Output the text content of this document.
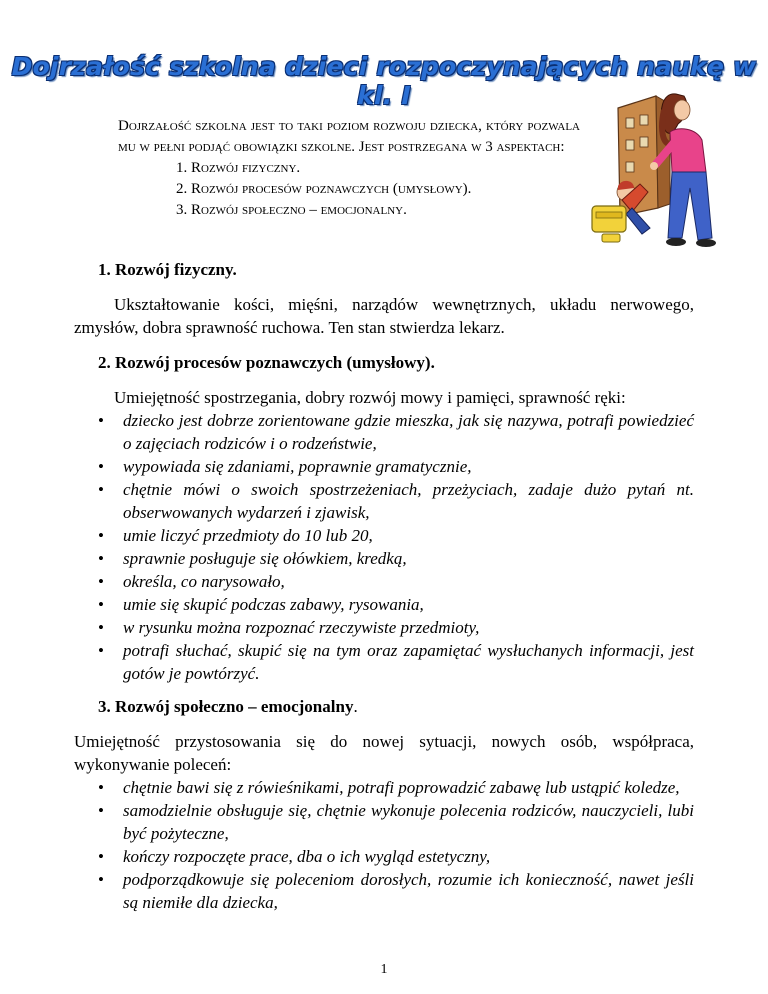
Dojrzałość szkolna dzieci rozpoczynających naukę w kl. I

Dojrzałość szkolna jest to taki poziom rozwoju dziecka, który pozwala mu w pełni podjąć obowiązki szkolne. Jest postrzegana w 3 aspektach:

1. Rozwój fizyczny.
2. Rozwój procesów poznawczych (umysłowy).
3. Rozwój społeczno – emocjonalny.
1. Rozwój fizyczny.
Ukształtowanie kości, mięśni, narządów wewnętrznych, układu nerwowego, zmysłów, dobra sprawność ruchowa. Ten stan stwierdza lekarz.
2. Rozwój procesów poznawczych (umysłowy).
Umiejętność spostrzegania, dobry rozwój mowy i pamięci, sprawność ręki:
• dziecko jest dobrze zorientowane gdzie mieszka, jak się nazywa, potrafi powiedzieć o zajęciach rodziców i o rodzeństwie,
• wypowiada się zdaniami, poprawnie gramatycznie,
• chętnie mówi o swoich spostrzeżeniach, przeżyciach, zadaje dużo pytań nt. obserwowanych wydarzeń i zjawisk,
• umie liczyć przedmioty do 10 lub 20,
• sprawnie posługuje się ołówkiem, kredką,
• określa, co narysowało,
• umie się skupić podczas zabawy, rysowania,
• w rysunku można rozpoznać rzeczywiste przedmioty,
• potrafi słuchać, skupić się na tym oraz zapamiętać wysłuchanych informacji, jest gotów je powtórzyć.
3. Rozwój społeczno – emocjonalny.
Umiejętność przystosowania się do nowej sytuacji, nowych osób, współpraca, wykonywanie poleceń:
• chętnie bawi się z rówieśnikami, potrafi poprowadzić zabawę lub ustąpić koledze,
• samodzielnie obsługuje się, chętnie wykonuje polecenia rodziców, nauczycieli, lubi być pożyteczne,
• kończy rozpoczęte prace, dba o ich wygląd estetyczny,
• podporządkowuje się poleceniom dorosłych, rozumie ich konieczność, nawet jeśli są niemiłe dla dziecka,
1
